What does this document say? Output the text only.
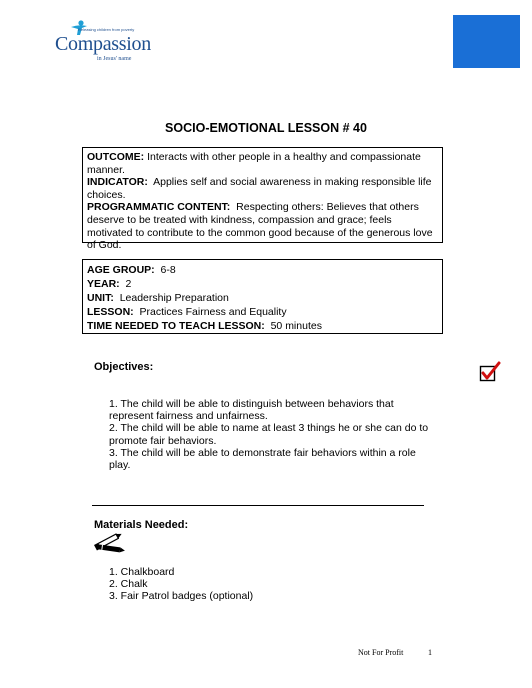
Releasing children from poverty
Compassion
in Jesus' name
SOCIO-EMOTIONAL LESSON # 40

OUTCOME: Interacts with other people in a healthy and compassionate manner.

INDICATOR: Applies self and social awareness in making responsible life choices.

PROGRAMMATIC CONTENT: Respecting others: Believes that others deserve to be treated with kindness, compassion and grace; feels motivated to contribute to the common good because of the generous love of God.

AGE GROUP: 6-8

YEAR: 2

UNIT: Leadership Preparation

LESSON: Practices Fairness and Equality

TIME NEEDED TO TEACH LESSON: 50 minutes

Objectives:

1. The child will be able to distinguish between behaviors that represent fairness and unfairness.

2. The child will be able to name at least 3 things he or she can do to promote fair behaviors.

3. The child will be able to demonstrate fair behaviors within a role play.

Materials Needed:
1. Chalkboard
2. Chalk
3. Fair Patrol badges (optional)
Not For Profit	1
